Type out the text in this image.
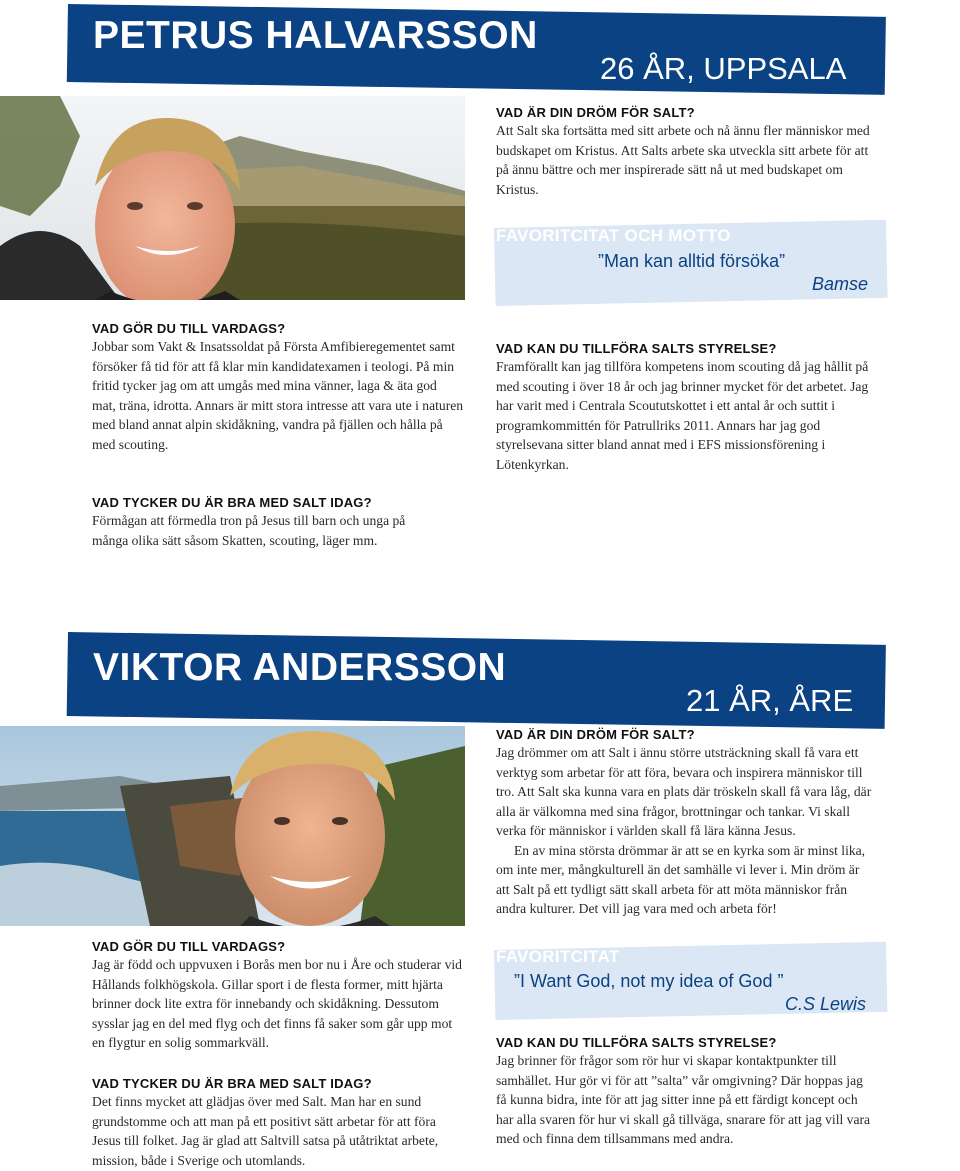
PETRUS HALVARSSON
26 ÅR, UPPSALA
VAD ÄR DIN DRÖM FÖR SALT?
Att Salt ska fortsätta med sitt arbete och nå ännu fler människor med budskapet om Kristus. Att Salts arbete ska utveckla sitt arbete för att på ännu bättre och mer inspirerade sätt nå ut med budskapet om Kristus.
FAVORITCITAT OCH MOTTO
”Man kan alltid försöka”
Bamse
VAD GÖR DU TILL VARDAGS?
Jobbar som Vakt & Insatssoldat på Första Amfibieregementet samt försöker få tid för att få klar min kandidatexamen i teologi. På min fritid tycker jag om att umgås med mina vänner, laga & äta god mat, träna, idrotta. Annars är mitt stora intresse att vara ute i naturen med bland annat alpin skidåkning, vandra på fjällen och hålla på med scouting.
VAD KAN DU TILLFÖRA SALTS STYRELSE?
Framförallt kan jag tillföra kompetens inom scouting då jag hållit på med scouting i över 18 år och jag brinner mycket för det arbetet. Jag har varit med i Centrala Scoututskottet i ett antal år och suttit i programkommittén för Patrullriks 2011. Annars har jag god styrelsevana sitter bland annat med i EFS missionsförening i Lötenkyrkan.
VAD TYCKER DU ÄR BRA MED SALT IDAG?
Förmågan att förmedla tron på Jesus till barn och unga på många olika sätt såsom Skatten, scouting, läger mm.
VIKTOR ANDERSSON
21 ÅR, ÅRE
VAD ÄR DIN DRÖM FÖR SALT?
Jag drömmer om att Salt i ännu större utsträckning skall få vara ett verktyg som arbetar för att föra, bevara och inspirera människor till tro. Att Salt ska kunna vara en plats där tröskeln skall få vara låg, där alla är välkomna med sina frågor, brottningar och tankar. Vi skall verka för människor i världen skall få lära känna Jesus.
En av mina största drömmar är att se en kyrka som är minst lika, om inte mer, mångkulturell än det samhälle vi lever i. Min dröm är att Salt på ett tydligt sätt skall arbeta för att möta människor från andra kulturer. Det vill jag vara med och arbeta för!
FAVORITCITAT
”I Want God, not my idea of God ”
C.S Lewis
VAD GÖR DU TILL VARDAGS?
Jag är född och uppvuxen i Borås men bor nu i Åre och studerar vid Hållands folkhögskola. Gillar sport i de flesta former, mitt hjärta brinner dock lite extra för innebandy och skidåkning. Dessutom sysslar jag en del med flyg och det finns få saker som går upp mot en flygtur en solig sommarkväll.	VAD KAN DU TILLFÖRA SALTS STYRELSE?
Jag brinner för frågor som rör hur vi skapar kontaktpunkter till samhället. Hur gör vi för att ”salta” vår omgivning? Där hoppas jag få kunna bidra, inte för att jag sitter inne på ett färdigt koncept och har alla svaren för hur vi skall gå tillväga, snarare för att jag vill vara med och finna dem tillsammans med andra.
VAD TYCKER DU ÄR BRA MED SALT IDAG?
Det finns mycket att glädjas över med Salt. Man har en sund grundstomme och att man på ett positivt sätt arbetar för att föra Jesus till folket. Jag är glad att Saltvill satsa på utåtriktat arbete, mission, både i Sverige och utomlands.
